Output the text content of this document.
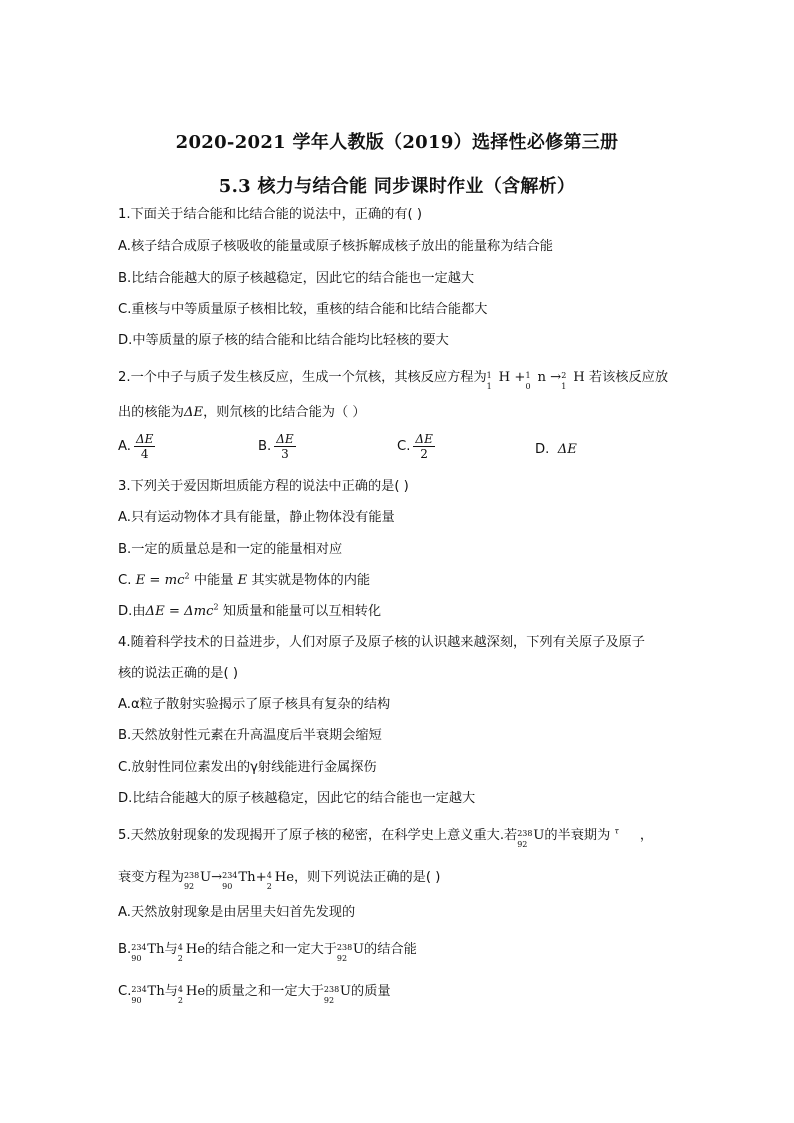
2020-2021 学年人教版（2019）选择性必修第三册
5.3 核力与结合能 同步课时作业（含解析）
1.下面关于结合能和比结合能的说法中，正确的有( )
A.核子结合成原子核吸收的能量或原子核拆解成核子放出的能量称为结合能
B.比结合能越大的原子核越稳定，因此它的结合能也一定越大
C.重核与中等质量原子核相比较，重核的结合能和比结合能都大
D.中等质量的原子核的结合能和比结合能均比轻核的要大
2.一个中子与质子发生核反应，生成一个氘核，其核反应方程为 1
1
H + 1
0
n → 2
1
H 若该核反应放
出的核能为ΔE，则氘核的比结合能为（ ）
A. $\frac{\Delta E}{4}$	B. $\frac{\Delta E}{3}$	C. $\frac{\Delta E}{2}$	D. ΔE
3.下列关于爱因斯坦质能方程的说法中正确的是( )
A.只有运动物体才具有能量，静止物体没有能量
B.一定的质量总是和一定的能量相对应
C. $E = mc^2$ 中能量 E 其实就是物体的内能
D.由ΔE = Δmc$^2$ 知质量和能量可以互相转化
4.随着科学技术的日益进步，人们对原子及原子核的认识越来越深刻，下列有关原子及原子
核的说法正确的是( )
A.α粒子散射实验揭示了原子核具有复杂的结构
B.天然放射性元素在升高温度后半衰期会缩短
C.放射性同位素发出的γ射线能进行金属探伤
D.比结合能越大的原子核越稳定，因此它的结合能也一定越大
5.天然放射现象的发现揭开了原子核的秘密，在科学史上意义重大.若 238
92
U的半衰期为 $^\tau$ ，
衰变方程为 238
92
U→ 234
90
Th+ 4
2
He，则下列说法正确的是( )
A.天然放射现象是由居里夫妇首先发现的
B. 234
90
Th与 4
2
He的结合能之和一定大于 238
92
U的结合能
C. 234
90
Th与 4
2
He的质量之和一定大于 238
92
U的质量
